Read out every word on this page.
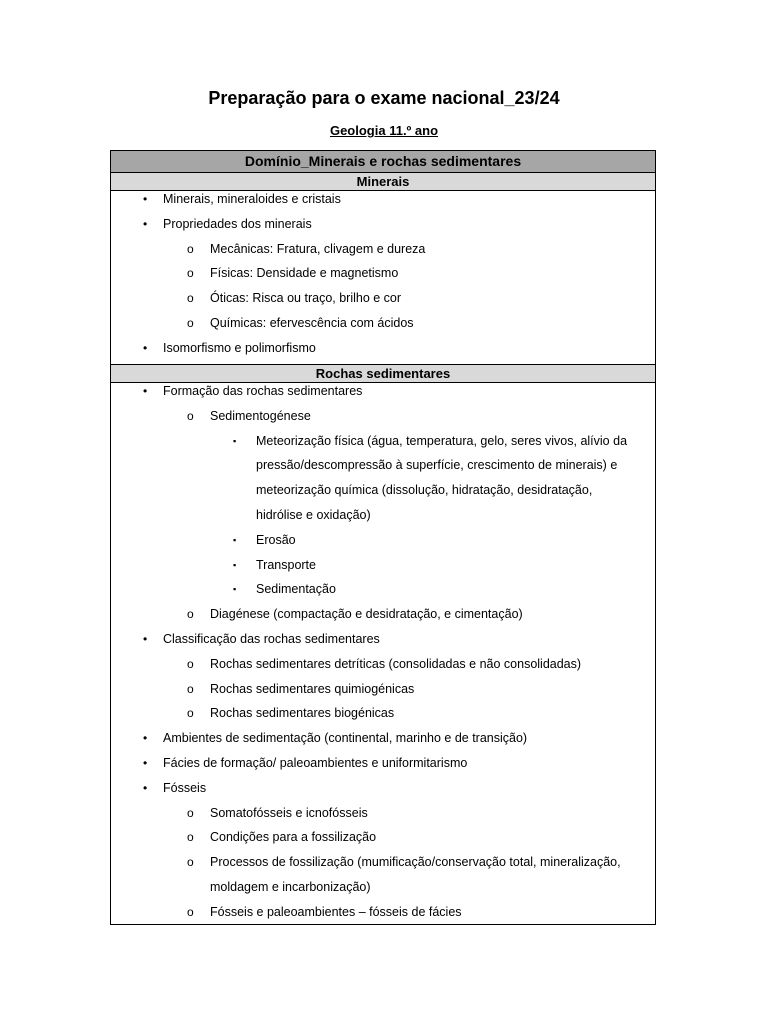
Preparação para o exame nacional_23/24
Geologia 11.º ano
Domínio_Minerais e rochas sedimentares
Minerais
• Minerais, mineraloides e cristais
• Propriedades dos minerais
o Mecânicas: Fratura, clivagem e dureza
o Físicas: Densidade e magnetismo
o Óticas: Risca ou traço, brilho e cor
o Químicas: efervescência com ácidos
• Isomorfismo e polimorfismo
Rochas sedimentares
• Formação das rochas sedimentares
o Sedimentogénese
▪ Meteorização física (água, temperatura, gelo, seres vivos, alívio da pressão/descompressão à superfície, crescimento de minerais) e meteorização química (dissolução, hidratação, desidratação, hidrólise e oxidação)
▪ Erosão
▪ Transporte
▪ Sedimentação
o Diagénese (compactação e desidratação, e cimentação)
• Classificação das rochas sedimentares
o Rochas sedimentares detríticas (consolidadas e não consolidadas)
o Rochas sedimentares quimiogénicas
o Rochas sedimentares biogénicas
• Ambientes de sedimentação (continental, marinho e de transição)
• Fácies de formação/ paleoambientes e uniformitarismo
• Fósseis
o Somatofósseis e icnofósseis
o Condições para a fossilização
o Processos de fossilização (mumificação/conservação total, mineralização, moldagem e incarbonização)
o Fósseis e paleoambientes – fósseis de fácies
